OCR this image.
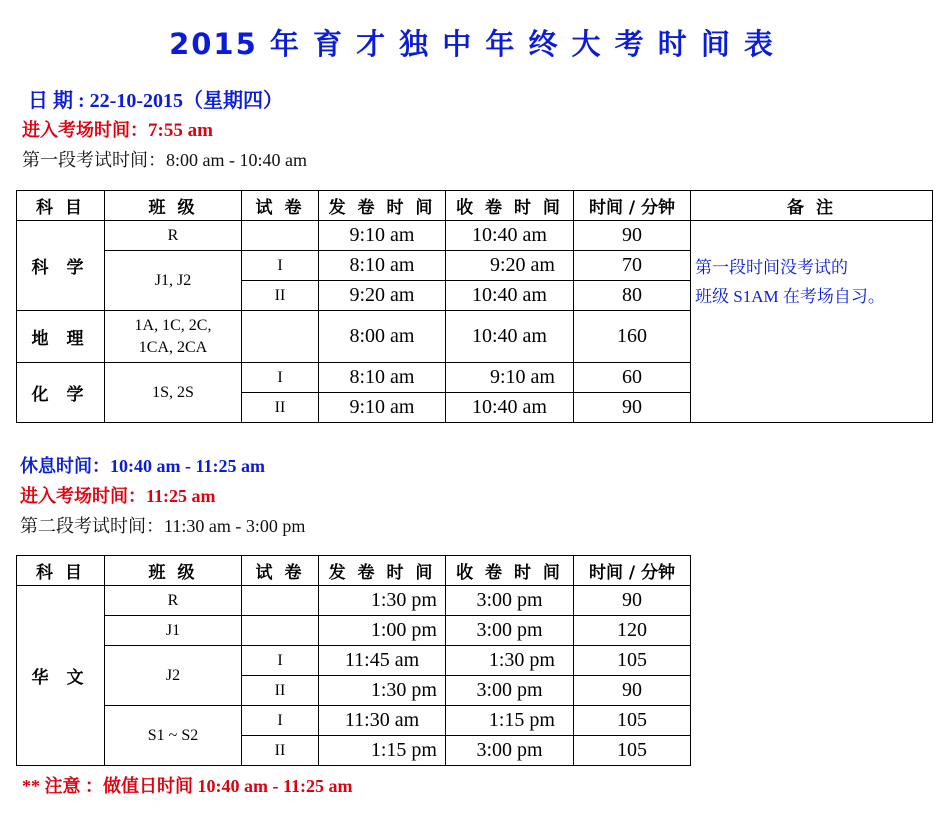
2015 年 育 才 独 中 年 终 大 考 时 间 表
日 期 : 22-10-2015（星期四）
进入考场时间：7:55 am
第一段考试时间：8:00 am - 10:40 am
科 目	班 级	试 卷	发 卷 时 间	收 卷 时 间	时间 / 分钟	备 注
科 学	R		9:10 am	10:40 am	90	第一段时间没考试的
班级 S1AM 在考场自习。

	J1, J2	I	8:10 am	9:20 am	70	
		II	9:20 am	10:40 am	80	
地 理	1A, 1C, 2C,
1CA, 2CA		8:00 am	10:40 am	160	
化 学	1S, 2S	I	8:10 am	9:10 am	60	
		II	9:10 am	10:40 am	90	
休息时间：10:40 am - 11:25 am
进入考场时间：11:25 am
第二段考试时间：11:30 am - 3:00 pm
科 目	班 级	试 卷	发 卷 时 间	收 卷 时 间	时间 / 分钟
华 文	R		1:30 pm	3:00 pm	90
	J1		1:00 pm	3:00 pm	120
	J2	I	11:45 am	1:30 pm	105
		II	1:30 pm	3:00 pm	90
	S1 ~ S2	I	11:30 am	1:15 pm	105
		II	1:15 pm	3:00 pm	105
** 注意 ：做值日时间 10:40 am - 11:25 am
